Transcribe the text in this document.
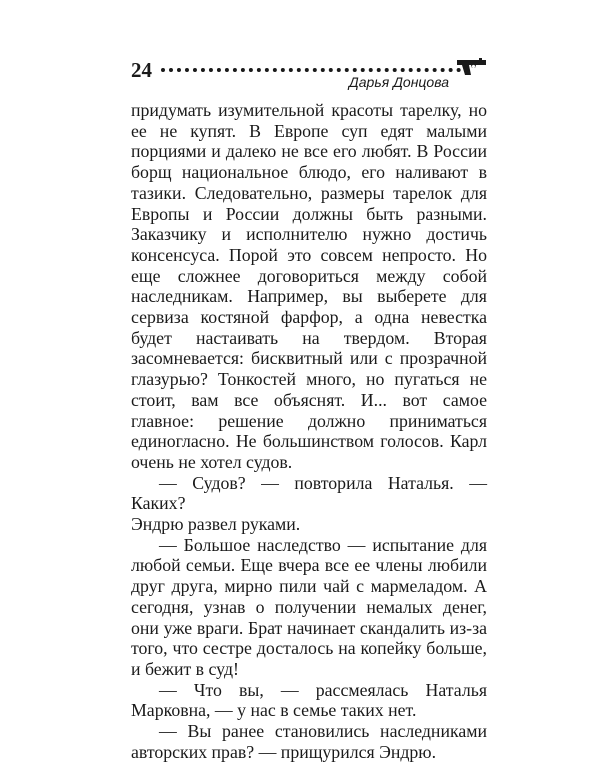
24	Дарья Донцова

придумать изумительной красоты тарелку, но ее не купят. В Европе суп едят малыми порциями и далеко не все его любят. В России борщ национальное блюдо, его наливают в тазики. Следовательно, размеры тарелок для Европы и России должны быть разными. Заказчику и исполнителю нужно достичь консенсуса. Порой это совсем непросто. Но еще сложнее договориться между собой наследникам. Например, вы выберете для сервиза костяной фарфор, а одна невестка будет настаивать на твердом. Вторая засомневается: бисквитный или с прозрачной глазурью? Тонкостей много, но пугаться не стоит, вам все объяснят. И... вот самое главное: решение должно приниматься единогласно. Не большинством голосов. Карл очень не хотел судов.

— Судов? — повторила Наталья. — Каких?

Эндрю развел руками.

— Большое наследство — испытание для любой семьи. Еще вчера все ее члены любили друг друга, мирно пили чай с мармеладом. А сегодня, узнав о получении немалых денег, они уже враги. Брат начинает скандалить из-за того, что сестре досталось на копейку больше, и бежит в суд!

— Что вы, — рассмеялась Наталья Марковна, — у нас в семье таких нет.

— Вы ранее становились наследниками авторских прав? — прищурился Эндрю.
